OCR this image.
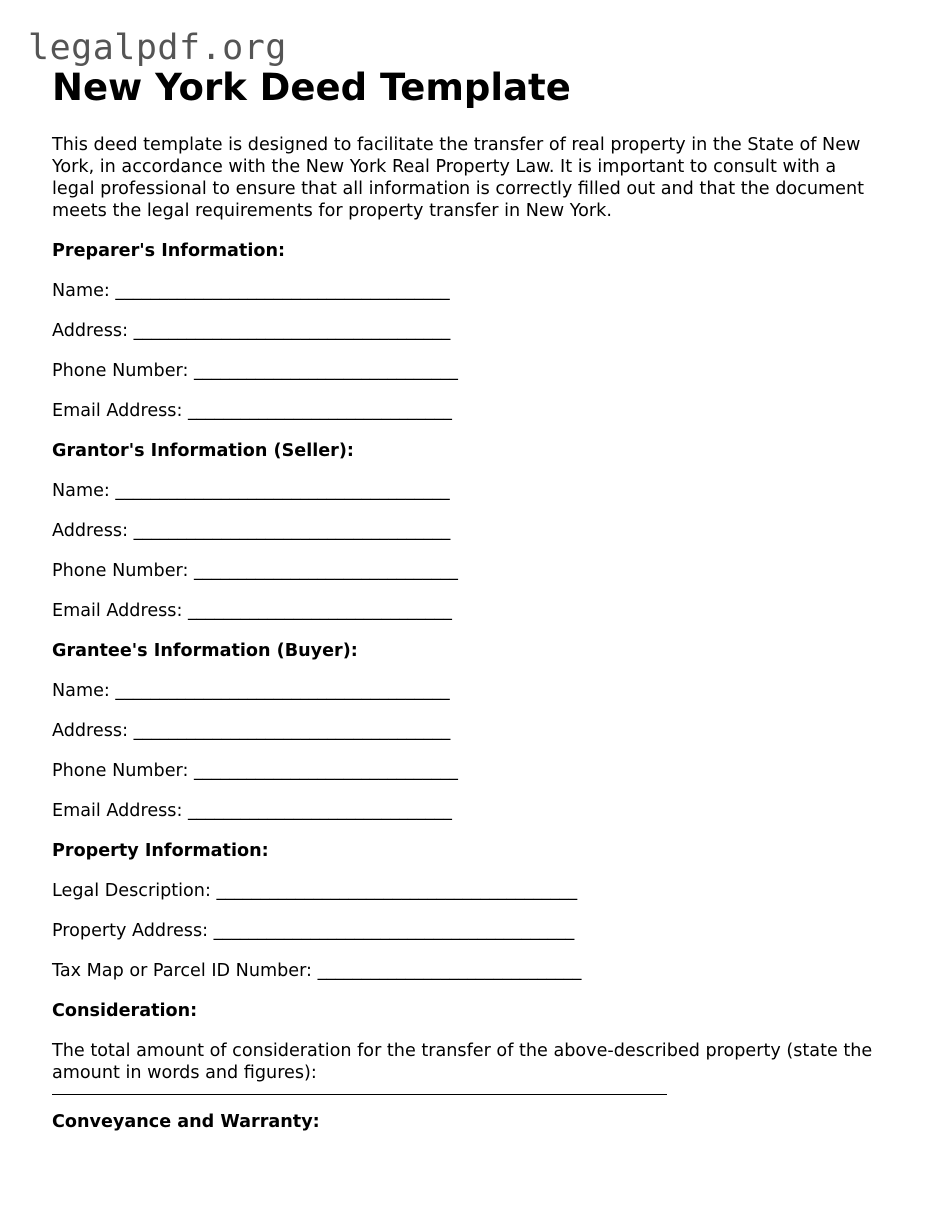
legalpdf.org
New York Deed Template
This deed template is designed to facilitate the transfer of real property in the State of New York, in accordance with the New York Real Property Law. It is important to consult with a legal professional to ensure that all information is correctly filled out and that the document meets the legal requirements for property transfer in New York.
Preparer's Information:
Name: ______________________________________
Address: ____________________________________
Phone Number: ______________________________
Email Address: ______________________________
Grantor's Information (Seller):
Name: ______________________________________
Address: ____________________________________
Phone Number: ______________________________
Email Address: ______________________________
Grantee's Information (Buyer):
Name: ______________________________________
Address: ____________________________________
Phone Number: ______________________________
Email Address: ______________________________
Property Information:
Legal Description: _________________________________________
Property Address: _________________________________________
Tax Map or Parcel ID Number: ______________________________
Consideration:
The total amount of consideration for the transfer of the above-described property (state the amount in words and figures):
Conveyance and Warranty:
